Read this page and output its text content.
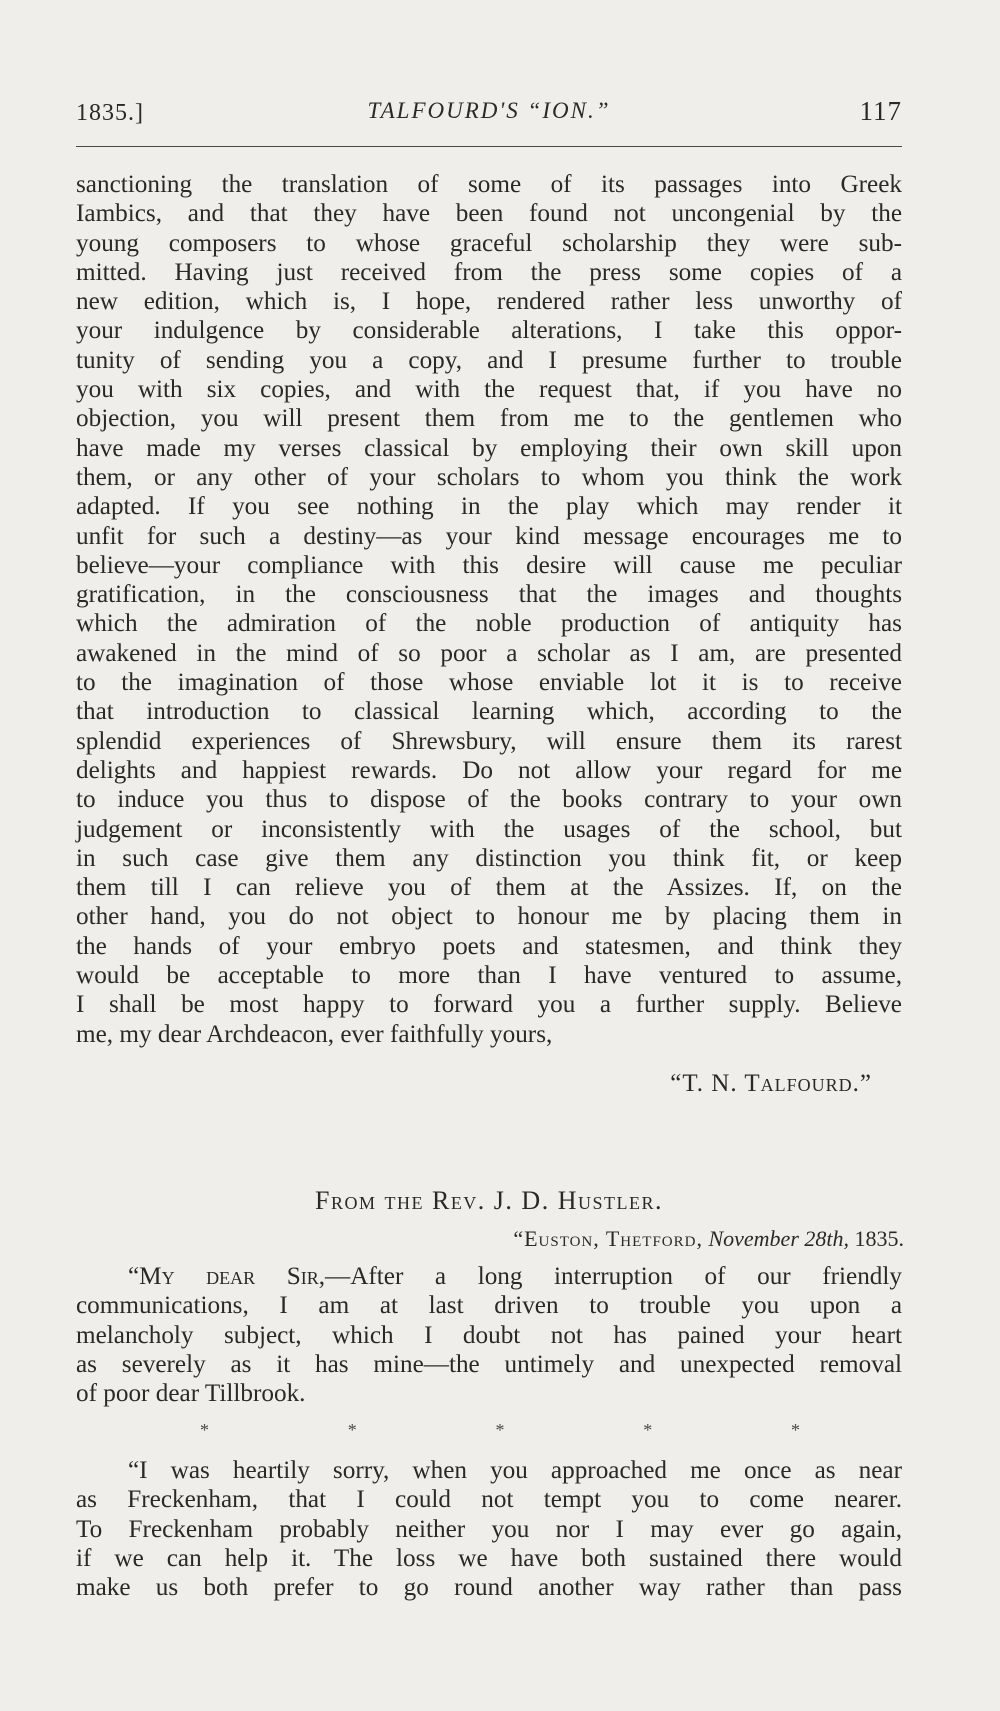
1835.]	TALFOURD'S “ION.”	117
sanctioning the translation of some of its passages into Greek
Iambics, and that they have been found not uncongenial by the
young composers to whose graceful scholarship they were sub-
mitted. Having just received from the press some copies of a
new edition, which is, I hope, rendered rather less unworthy of
your indulgence by considerable alterations, I take this oppor-
tunity of sending you a copy, and I presume further to trouble
you with six copies, and with the request that, if you have no
objection, you will present them from me to the gentlemen who
have made my verses classical by employing their own skill upon
them, or any other of your scholars to whom you think the work
adapted. If you see nothing in the play which may render it
unfit for such a destiny—as your kind message encourages me to
believe—your compliance with this desire will cause me peculiar
gratification, in the consciousness that the images and thoughts
which the admiration of the noble production of antiquity has
awakened in the mind of so poor a scholar as I am, are presented
to the imagination of those whose enviable lot it is to receive
that introduction to classical learning which, according to the
splendid experiences of Shrewsbury, will ensure them its rarest
delights and happiest rewards. Do not allow your regard for me
to induce you thus to dispose of the books contrary to your own
judgement or inconsistently with the usages of the school, but
in such case give them any distinction you think fit, or keep
them till I can relieve you of them at the Assizes. If, on the
other hand, you do not object to honour me by placing them in
the hands of your embryo poets and statesmen, and think they
would be acceptable to more than I have ventured to assume,
I shall be most happy to forward you a further supply. Believe
me, my dear Archdeacon, ever faithfully yours,
“T. N. Talfourd.”
From the Rev. J. D. Hustler.
“Euston, Thetford, November 28th, 1835.
“My dear Sir,—After a long interruption of our friendly
communications, I am at last driven to trouble you upon a
melancholy subject, which I doubt not has pained your heart
as severely as it has mine—the untimely and unexpected removal
of poor dear Tillbrook.
*	*	*	*	*
“I was heartily sorry, when you approached me once as near
as Freckenham, that I could not tempt you to come nearer.
To Freckenham probably neither you nor I may ever go again,
if we can help it. The loss we have both sustained there would
make us both prefer to go round another way rather than pass
